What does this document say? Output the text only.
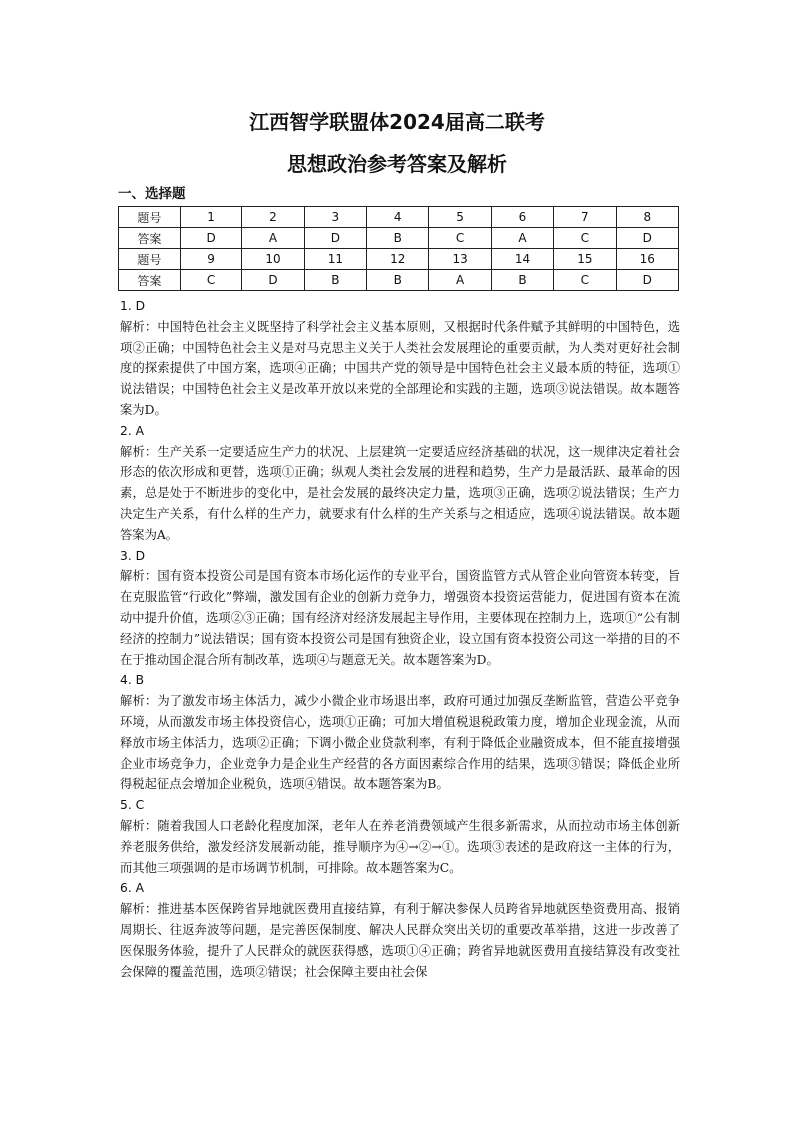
江西智学联盟体2024届高二联考
思想政治参考答案及解析
一、选择题
题号	1	2	3	4	5	6	7	8
答案	D	A	D	B	C	A	C	D
题号	9	10	11	12	13	14	15	16
答案	C	D	B	B	A	B	C	D
1. D
解析：中国特色社会主义既坚持了科学社会主义基本原则，又根据时代条件赋予其鲜明的中国特色，选项②正确；中国特色社会主义是对马克思主义关于人类社会发展理论的重要贡献，为人类对更好社会制度的探索提供了中国方案，选项④正确；中国共产党的领导是中国特色社会主义最本质的特征，选项①说法错误；中国特色社会主义是改革开放以来党的全部理论和实践的主题，选项③说法错误。故本题答案为D。
2. A
解析：生产关系一定要适应生产力的状况、上层建筑一定要适应经济基础的状况，这一规律决定着社会形态的依次形成和更替，选项①正确；纵观人类社会发展的进程和趋势，生产力是最活跃、最革命的因素，总是处于不断进步的变化中，是社会发展的最终决定力量，选项③正确，选项②说法错误；生产力决定生产关系，有什么样的生产力，就要求有什么样的生产关系与之相适应，选项④说法错误。故本题答案为A。
3. D
解析：国有资本投资公司是国有资本市场化运作的专业平台，国资监管方式从管企业向管资本转变，旨在克服监管“行政化”弊端，激发国有企业的创新力竞争力，增强资本投资运营能力，促进国有资本在流动中提升价值，选项②③正确；国有经济对经济发展起主导作用，主要体现在控制力上，选项①“公有制经济的控制力”说法错误；国有资本投资公司是国有独资企业，设立国有资本投资公司这一举措的目的不在于推动国企混合所有制改革，选项④与题意无关。故本题答案为D。
4. B
解析：为了激发市场主体活力，减少小微企业市场退出率，政府可通过加强反垄断监管，营造公平竞争环境，从而激发市场主体投资信心，选项①正确；可加大增值税退税政策力度，增加企业现金流，从而释放市场主体活力，选项②正确；下调小微企业贷款利率，有利于降低企业融资成本，但不能直接增强企业市场竞争力，企业竞争力是企业生产经营的各方面因素综合作用的结果，选项③错误；降低企业所得税起征点会增加企业税负，选项④错误。故本题答案为B。
5. C
解析：随着我国人口老龄化程度加深，老年人在养老消费领域产生很多新需求，从而拉动市场主体创新养老服务供给，激发经济发展新动能，推导顺序为④→②→①。选项③表述的是政府这一主体的行为，而其他三项强调的是市场调节机制，可排除。故本题答案为C。
6. A
解析：推进基本医保跨省异地就医费用直接结算，有利于解决参保人员跨省异地就医垫资费用高、报销周期长、往返奔波等问题，是完善医保制度、解决人民群众突出关切的重要改革举措，这进一步改善了医保服务体验，提升了人民群众的就医获得感，选项①④正确；跨省异地就医费用直接结算没有改变社会保障的覆盖范围，选项②错误；社会保障主要由社会保
